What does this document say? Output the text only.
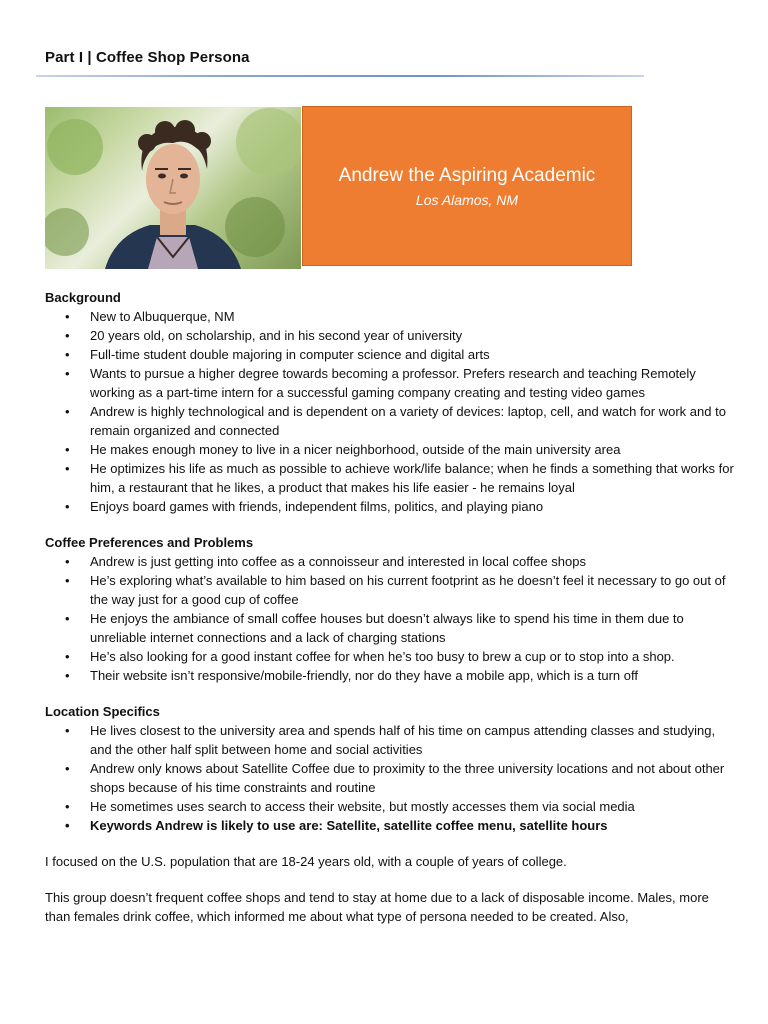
Part I | Coffee Shop Persona
Andrew the Aspiring Academic
Los Alamos, NM
Background
• New to Albuquerque, NM
• 20 years old, on scholarship, and in his second year of university
• Full-time student double majoring in computer science and digital arts
• Wants to pursue a higher degree towards becoming a professor. Prefers research and teaching Remotely working as a part-time intern for a successful gaming company creating and testing video games
• Andrew is highly technological and is dependent on a variety of devices: laptop, cell, and watch for work and to remain organized and connected
• He makes enough money to live in a nicer neighborhood, outside of the main university area
• He optimizes his life as much as possible to achieve work/life balance; when he finds a something that works for him, a restaurant that he likes, a product that makes his life easier - he remains loyal
• Enjoys board games with friends, independent films, politics, and playing piano
Coffee Preferences and Problems
• Andrew is just getting into coffee as a connoisseur and interested in local coffee shops
• He’s exploring what’s available to him based on his current footprint as he doesn’t feel it necessary to go out of the way just for a good cup of coffee
• He enjoys the ambiance of small coffee houses but doesn’t always like to spend his time in them due to unreliable internet connections and a lack of charging stations
• He’s also looking for a good instant coffee for when he’s too busy to brew a cup or to stop into a shop.
• Their website isn’t responsive/mobile-friendly, nor do they have a mobile app, which is a turn off
Location Specifics
• He lives closest to the university area and spends half of his time on campus attending classes and studying, and the other half split between home and social activities
• Andrew only knows about Satellite Coffee due to proximity to the three university locations and not about other shops because of his time constraints and routine
• He sometimes uses search to access their website, but mostly accesses them via social media
• Keywords Andrew is likely to use are: Satellite, satellite coffee menu, satellite hours

I focused on the U.S. population that are 18-24 years old, with a couple of years of college.

This group doesn’t frequent coffee shops and tend to stay at home due to a lack of disposable income. Males, more than females drink coffee, which informed me about what type of persona needed to be created. Also,
